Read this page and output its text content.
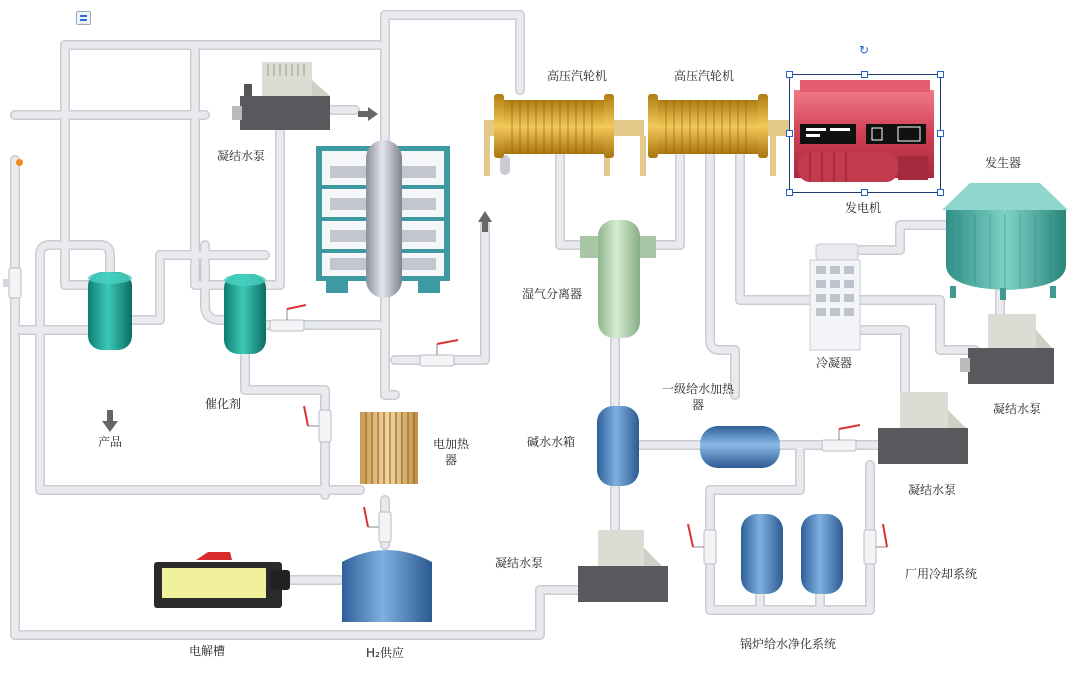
↻
凝结水泵
催化剂
产品
高压汽轮机	高压汽轮机
发电机
发生器
湿气分离器
冷凝器
凝结水泵
一级给水加热器
碱水水箱
凝结水泵
电加热器
凝结水泵
厂用冷却系统
锅炉给水净化系统
电解槽	H₂供应
